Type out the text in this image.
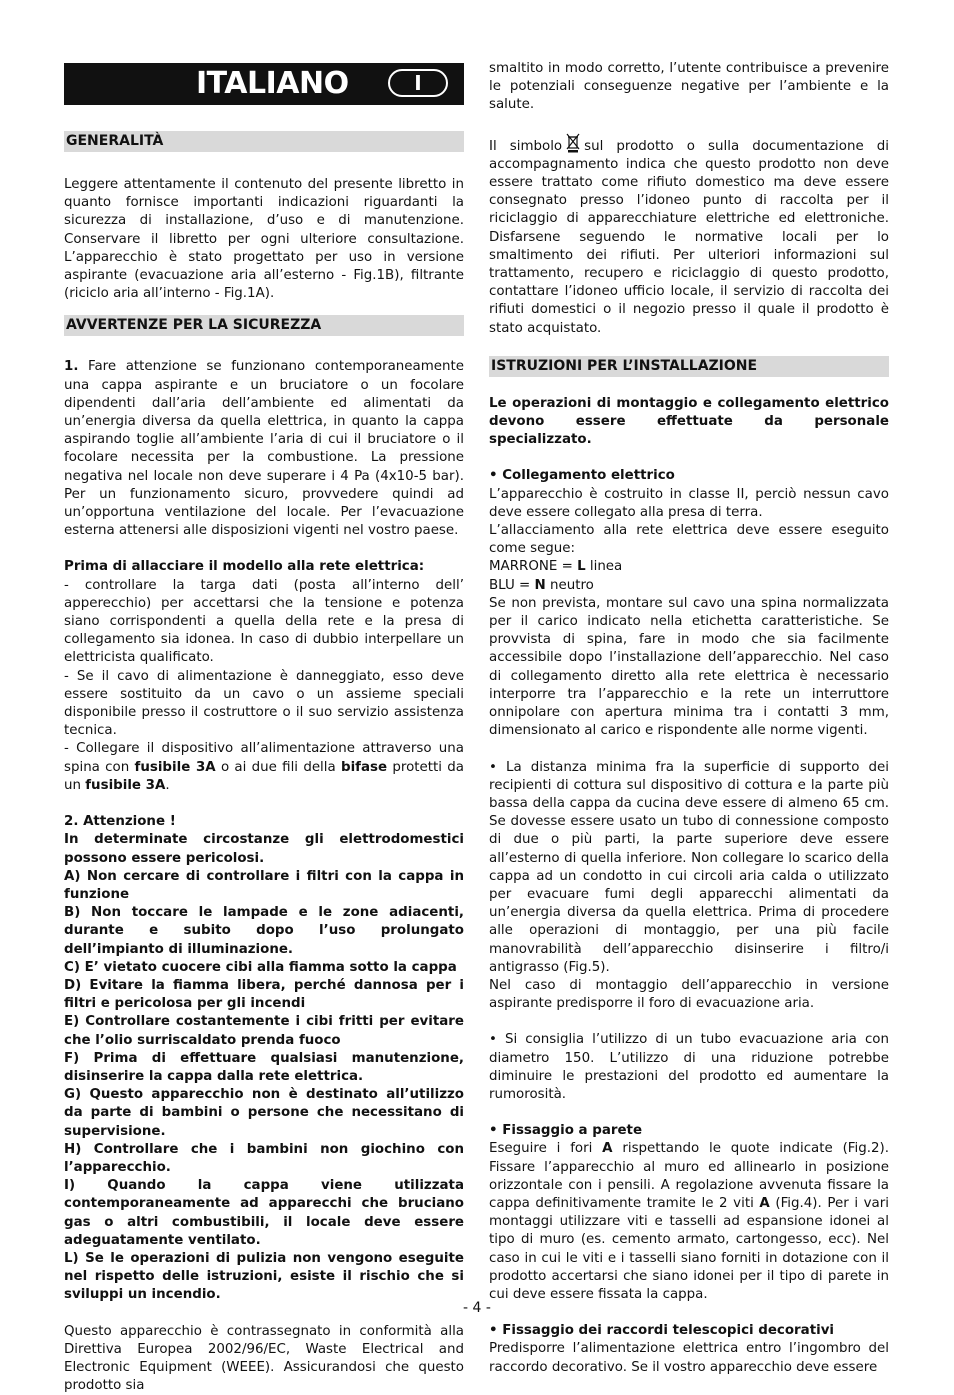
ITALIANO	I
GENERALITÀ

Leggere attentamente il contenuto del presente libretto in quanto fornisce importanti indicazioni riguardanti la sicurezza di installazione, d’uso e di manutenzione. Conservare il libretto per ogni ulteriore consultazione. L’apparecchio è stato progettato per uso in versione aspirante (evacuazione aria all’esterno - Fig.1B), filtrante (riciclo aria all’interno - Fig.1A).

AVVERTENZE PER LA SICUREZZA

1. Fare attenzione se funzionano contemporaneamente una cappa aspirante e un bruciatore o un focolare dipendenti dall’aria dell’ambiente ed alimentati da un’energia diversa da quella elettrica, in quanto la cappa aspirando toglie all’ambiente l’aria di cui il bruciatore o il focolare necessita per la combustione. La pressione negativa nel locale non deve superare i 4 Pa (4x10-5 bar). Per un funzionamento sicuro, provvedere quindi ad un’opportuna ventilazione del locale. Per l’evacuazione esterna attenersi alle disposizioni vigenti nel vostro paese.

Prima di allacciare il modello alla rete elettrica:

- controllare la targa dati (posta all’interno dell’ apperecchio) per accettarsi che la tensione e potenza siano corrispondenti a quella della rete e la presa di collegamento sia idonea. In caso di dubbio interpellare un elettricista qualificato.

- Se il cavo di alimentazione è danneggiato, esso deve essere sostituito da un cavo o un assieme speciali disponibile presso il costruttore o il suo servizio assistenza tecnica.

- Collegare il dispositivo all’alimentazione attraverso una spina con fusibile 3A o ai due fili della bifase protetti da un fusibile 3A.

2. Attenzione !

In determinate circostanze gli elettrodomestici possono essere pericolosi.

A) Non cercare di controllare i filtri con la cappa in funzione

B) Non toccare le lampade e le zone adiacenti, durante e subito dopo l’uso prolungato dell’impianto di illuminazione.

C) E’ vietato cuocere cibi alla fiamma sotto la cappa

D) Evitare la fiamma libera, perché dannosa per i filtri e pericolosa per gli incendi

E) Controllare costantemente i cibi fritti per evitare che l’olio surriscaldato prenda fuoco

F) Prima di effettuare qualsiasi manutenzione, disinserire la cappa dalla rete elettrica.

G) Questo apparecchio non è destinato all’utilizzo da parte di bambini o persone che necessitano di supervisione.

H) Controllare che i bambini non giochino con l’apparecchio.

I) Quando la cappa viene utilizzata contemporaneamente ad apparecchi che bruciano gas o altri combustibili, il locale deve essere adeguatamente ventilato.

L) Se le operazioni di pulizia non vengono eseguite nel rispetto delle istruzioni, esiste il rischio che si sviluppi un incendio.

Questo apparecchio è contrassegnato in conformità alla Direttiva Europea 2002/96/EC, Waste Electrical and Electronic Equipment (WEEE). Assicurandosi che questo prodotto sia

smaltito in modo corretto, l’utente contribuisce a prevenire le potenziali conseguenze negative per l’ambiente e la salute.

Il simbolo sul prodotto o sulla documentazione di accompagnamento indica che questo prodotto non deve essere trattato come rifiuto domestico ma deve essere consegnato presso l’idoneo punto di raccolta per il riciclaggio di apparecchiature elettriche ed elettroniche. Disfarsene seguendo le normative locali per lo smaltimento dei rifiuti. Per ulteriori informazioni sul trattamento, recupero e riciclaggio di questo prodotto, contattare l’idoneo ufficio locale, il servizio di raccolta dei rifiuti domestici o il negozio presso il quale il prodotto è stato acquistato.

ISTRUZIONI PER L’INSTALLAZIONE

Le operazioni di montaggio e collegamento elettrico devono essere effettuate da personale specializzato.

• Collegamento elettrico

L’apparecchio è costruito in classe II, perciò nessun cavo deve essere collegato alla presa di terra.

L’allacciamento alla rete elettrica deve essere eseguito come segue:

MARRONE = L linea

BLU = N neutro

Se non prevista, montare sul cavo una spina normalizzata per il carico indicato nella etichetta caratteristiche. Se provvista di spina, fare in modo che sia facilmente accessibile dopo l’installazione dell’apparecchio. Nel caso di collegamento diretto alla rete elettrica è necessario interporre tra l’apparecchio e la rete un interruttore onnipolare con apertura minima tra i contatti 3 mm, dimensionato al carico e rispondente alle norme vigenti.

• La distanza minima fra la superficie di supporto dei recipienti di cottura sul dispositivo di cottura e la parte più bassa della cappa da cucina deve essere di almeno 65 cm. Se dovesse essere usato un tubo di connessione composto di due o più parti, la parte superiore deve essere all’esterno di quella inferiore. Non collegare lo scarico della cappa ad un condotto in cui circoli aria calda o utilizzato per evacuare fumi degli apparecchi alimentati da un’energia diversa da quella elettrica. Prima di procedere alle operazioni di montaggio, per una più facile manovrabilità dell’apparecchio disinserire i filtro/i antigrasso (Fig.5).

Nel caso di montaggio dell’apparecchio in versione aspirante predisporre il foro di evacuazione aria.

• Si consiglia l’utilizzo di un tubo evacuazione aria con diametro 150. L’utilizzo di una riduzione potrebbe diminuire le prestazioni del prodotto ed aumentare la rumorosità.

• Fissaggio a parete

Eseguire i fori A rispettando le quote indicate (Fig.2). Fissare l’apparecchio al muro ed allinearlo in posizione orizzontale con i pensili. A regolazione avvenuta fissare la cappa definitivamente tramite le 2 viti A (Fig.4). Per i vari montaggi utilizzare viti e tasselli ad espansione idonei al tipo di muro (es. cemento armato, cartongesso, ecc). Nel caso in cui le viti e i tasselli siano forniti in dotazione con il prodotto accertarsi che siano idonei per il tipo di parete in cui deve essere fissata la cappa.

• Fissaggio dei raccordi telescopici decorativi

Predisporre l’alimentazione elettrica entro l’ingombro del raccordo decorativo. Se il vostro apparecchio deve essere

- 4 -
